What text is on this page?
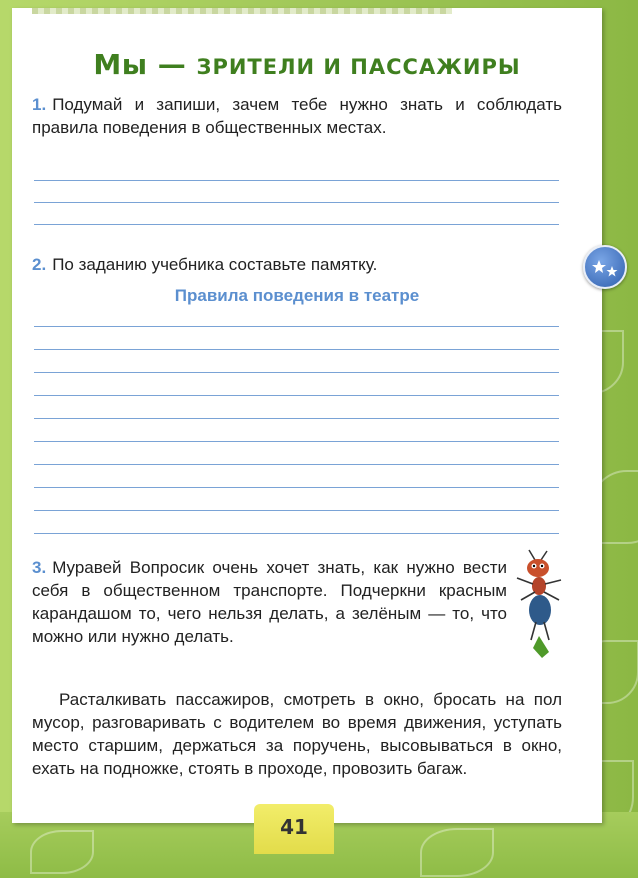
Мы — ЗРИТЕЛИ И ПАССАЖИРЫ
1. Подумай и запиши, зачем тебе нужно знать и соблюдать правила поведения в общественных местах.
2. По заданию учебника составьте памятку.
Правила поведения в театре
3. Муравей Вопросик очень хочет знать, как нужно вести себя в общественном транспорте. Подчеркни красным карандашом то, чего нельзя делать, а зелёным — то, что можно или нужно делать.
Расталкивать пассажиров, смотреть в окно, бросать на пол мусор, разговаривать с водителем во время движения, уступать место старшим, держаться за поручень, высовываться в окно, ехать на подножке, стоять в проходе, провозить багаж.
41
